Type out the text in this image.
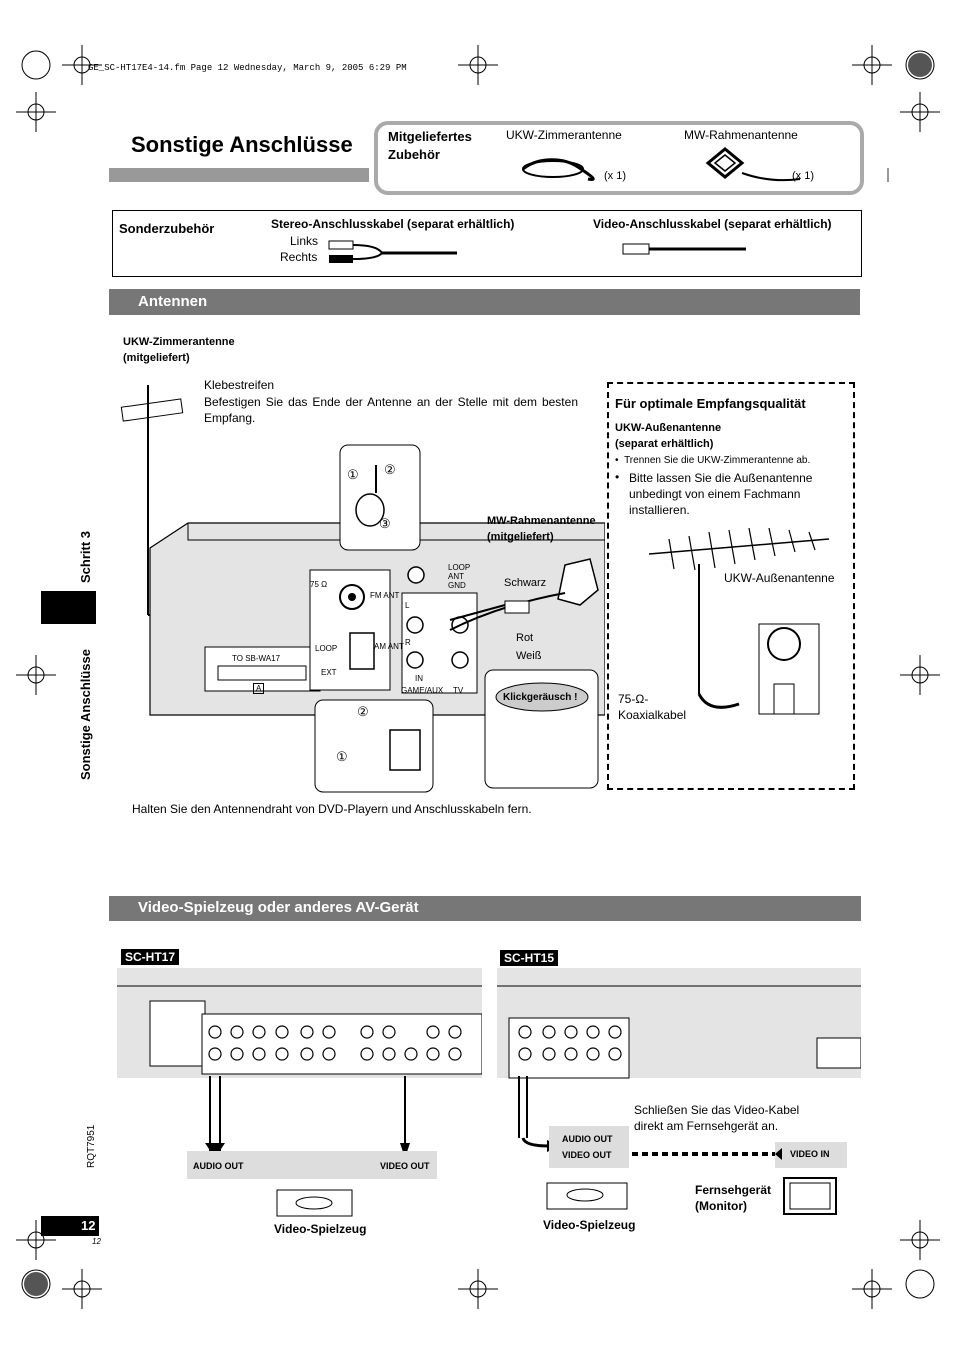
GE_SC-HT17E4-14.fm Page 12 Wednesday, March 9, 2005 6:29 PM
Sonstige Anschlüsse	Mitgeliefertes
Zubehör
UKW-Zimmerantenne	MW-Rahmenantenne
(x 1)	(x 1)
Sonderzubehör	Stereo-Anschlusskabel (separat erhältlich)	Video-Anschlusskabel (separat erhältlich)
Links
Rechts
Antennen
Schritt 3
Sonstige Anschlüsse
UKW-Zimmerantenne
(mitgeliefert)
Klebestreifen
Befestigen Sie das Ende der Antenne an der Stelle mit dem besten Empfang.
75 Ω
FM ANT
LOOP
EXT
AM ANT
TO SB-WA17
A
LOOP ANT GND
GAME/AUX TV
IN
L
R
① ②
③
②
①
MW-Rahmenantenne
(mitgeliefert)
Schwarz
Rot
Weiß
Klickgeräusch !
Für optimale Empfangsqualität
UKW-Außenantenne
(separat erhältlich)
•  Trennen Sie die UKW-Zimmerantenne ab.
• Bitte lassen Sie die Außenantenne unbedingt von einem Fachmann installieren.
UKW-Außenantenne
75-Ω-
Koaxialkabel
Halten Sie den Antennendraht von DVD-Playern und Anschlusskabeln fern.
Video-Spielzeug oder anderes AV-Gerät
SC-HT17	SC-HT15
AUDIO OUT	VIDEO OUT
Video-Spielzeug
AUDIO OUT
VIDEO OUT	VIDEO IN
Schließen Sie das Video-Kabel direkt am Fernsehgerät an.
Fernsehgerät
(Monitor)
Video-Spielzeug
RQT7951
12
12
